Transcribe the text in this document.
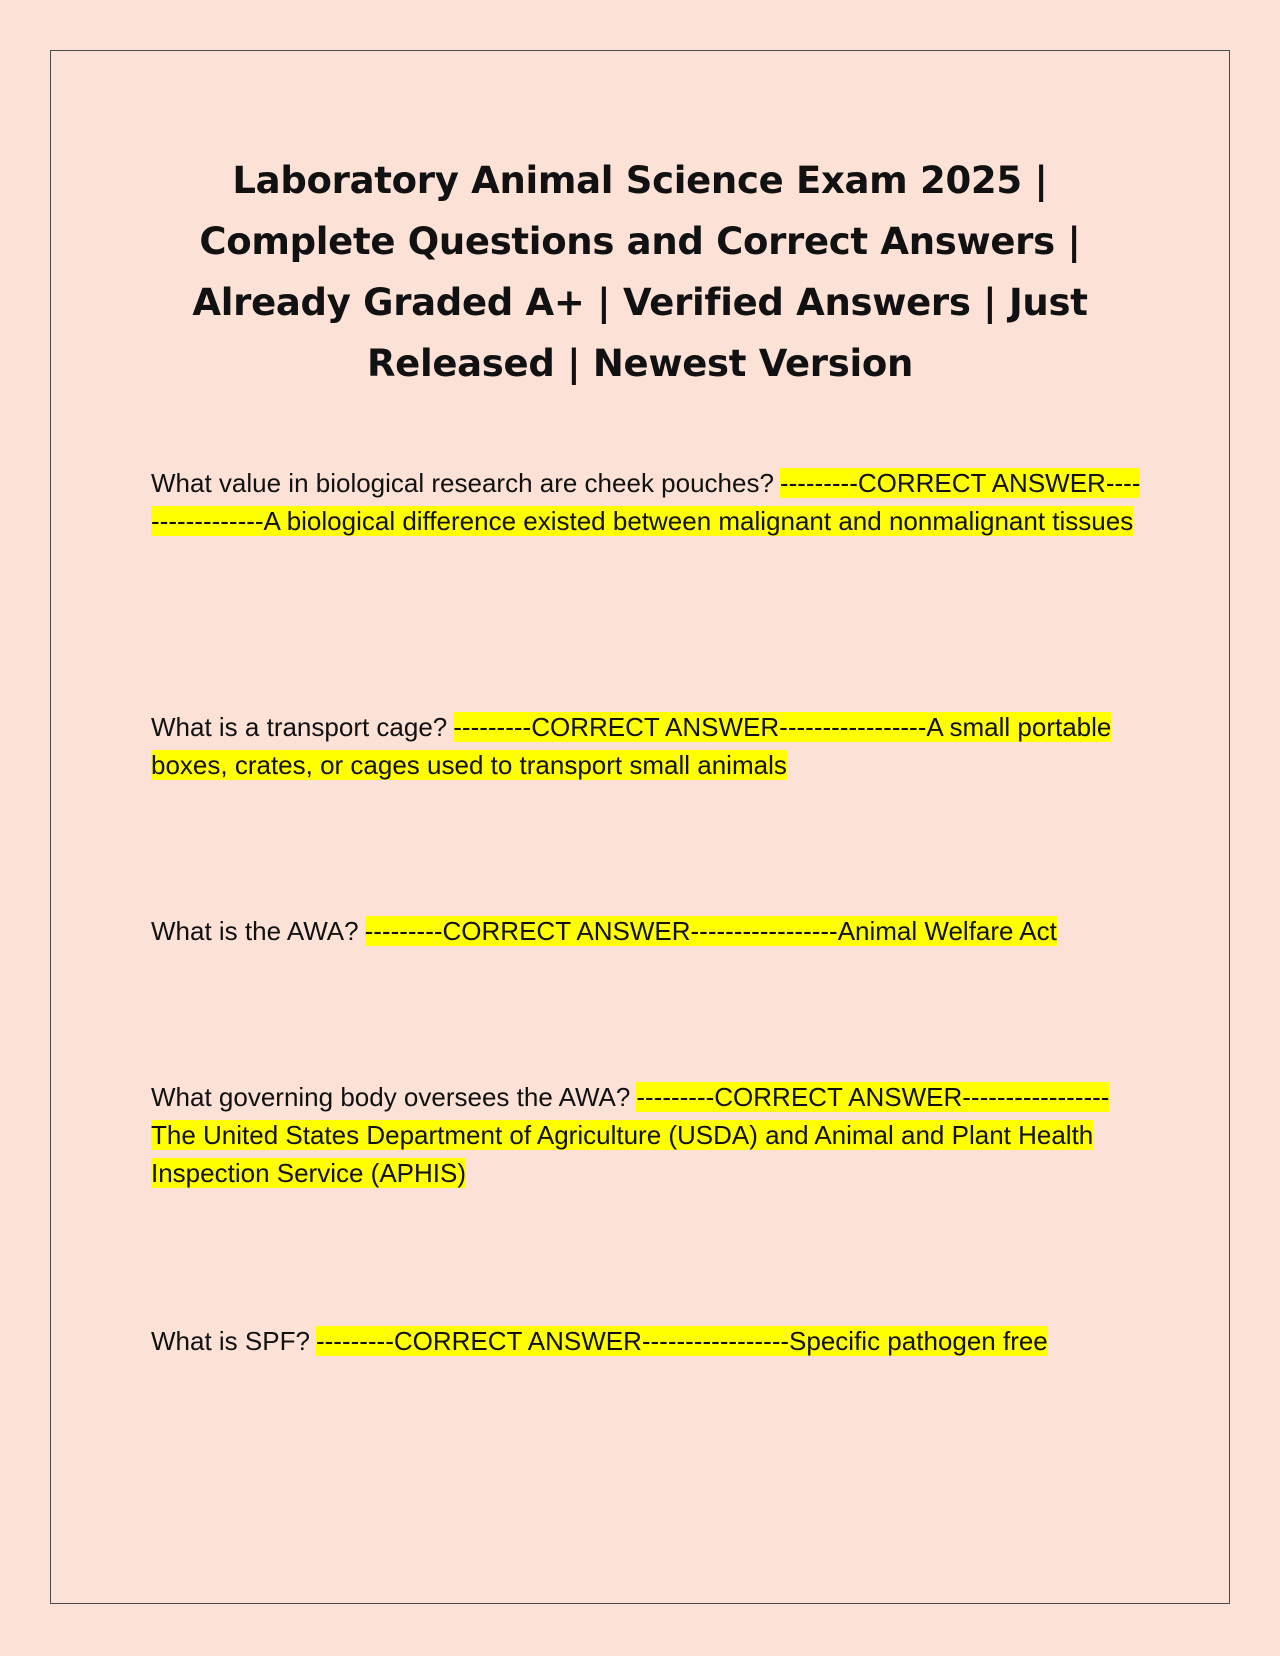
Laboratory Animal Science Exam 2025 | Complete Questions and Correct Answers | Already Graded A+ | Verified Answers | Just Released | Newest Version

What value in biological research are cheek pouches? ---------CORRECT ANSWER-----------------A biological difference existed between malignant and nonmalignant tissues

What is a transport cage? ---------CORRECT ANSWER-----------------A small portable boxes, crates, or cages used to transport small animals

What is the AWA? ---------CORRECT ANSWER-----------------Animal Welfare Act

What governing body oversees the AWA? ---------CORRECT ANSWER----------------- The United States Department of Agriculture (USDA) and Animal and Plant Health Inspection Service (APHIS)

What is SPF? ---------CORRECT ANSWER-----------------Specific pathogen free
